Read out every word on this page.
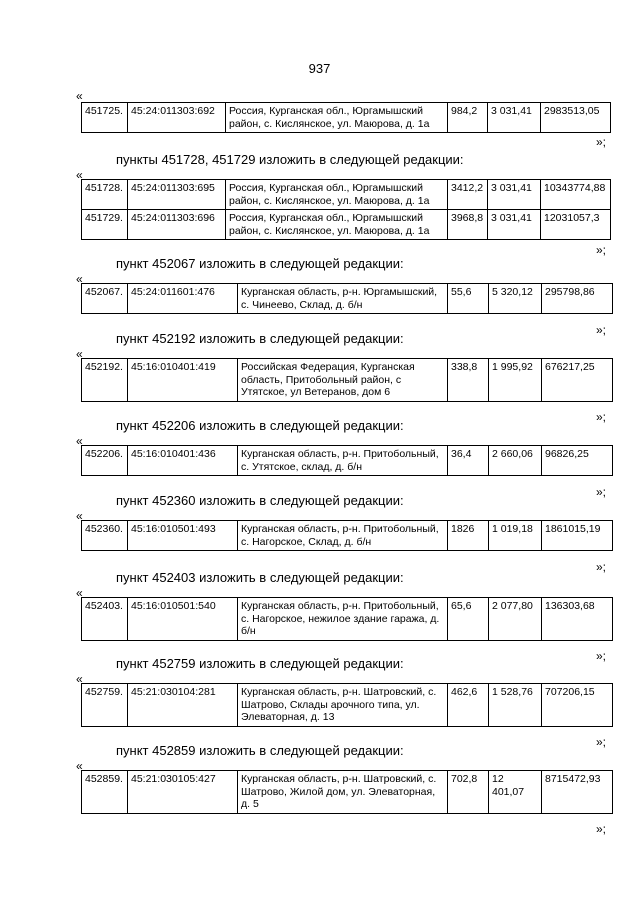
937
«
451725.	45:24:011303:692	Россия, Курганская обл., Юргамышский район, с. Кислянское, ул. Маюрова, д. 1а	984,2	3 031,41	2983513,05
»;
пункты 451728, 451729 изложить в следующей редакции:
«
451728.	45:24:011303:695	Россия, Курганская обл., Юргамышский район, с. Кислянское, ул. Маюрова, д. 1а	3412,2	3 031,41	10343774,88
451729.	45:24:011303:696	Россия, Курганская обл., Юргамышский район, с. Кислянское, ул. Маюрова, д. 1а	3968,8	3 031,41	12031057,3
»;
пункт 452067 изложить в следующей редакции:
«
452067.	45:24:011601:476	Курганская область, р-н. Юргамышский, с. Чинеево, Склад, д. б/н	55,6	5 320,12	295798,86
»;
пункт 452192 изложить в следующей редакции:
«
452192.	45:16:010401:419	Российская Федерация, Курганская область, Притобольный район, с Утятское, ул Ветеранов, дом 6	338,8	1 995,92	676217,25
»;
пункт 452206 изложить в следующей редакции:
«
452206.	45:16:010401:436	Курганская область, р-н. Притобольный, с. Утятское, склад, д. б/н	36,4	2 660,06	96826,25
»;
пункт 452360 изложить в следующей редакции:
«
452360.	45:16:010501:493	Курганская область, р-н. Притобольный, с. Нагорское, Склад, д. б/н	1826	1 019,18	1861015,19
»;
пункт 452403 изложить в следующей редакции:
«
452403.	45:16:010501:540	Курганская область, р-н. Притобольный, с. Нагорское, нежилое здание гаража, д. б/н	65,6	2 077,80	136303,68
»;
пункт 452759 изложить в следующей редакции:
«
452759.	45:21:030104:281	Курганская область, р-н. Шатровский, с. Шатрово, Склады арочного типа, ул. Элеваторная, д. 13	462,6	1 528,76	707206,15
»;
пункт 452859 изложить в следующей редакции:
«
452859.	45:21:030105:427	Курганская область, р-н. Шатровский, с. Шатрово, Жилой дом, ул. Элеваторная, д. 5	702,8	12 401,07	8715472,93
»;
